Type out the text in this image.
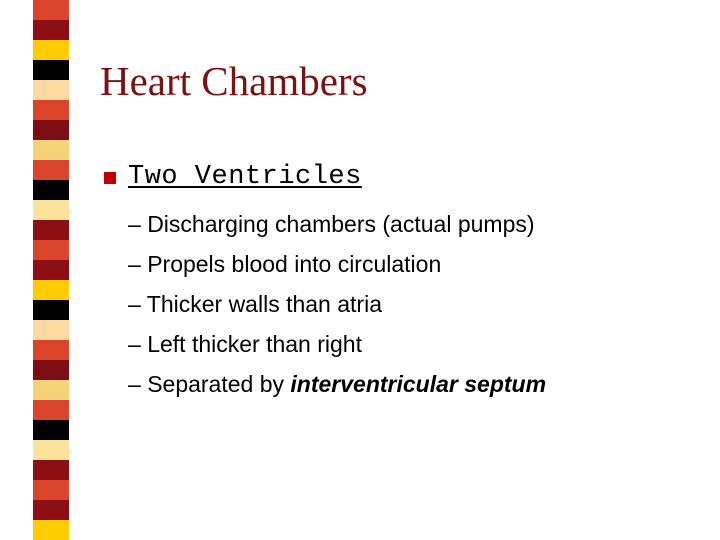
Heart Chambers
Two Ventricles
– Discharging chambers (actual pumps)
– Propels blood into circulation
– Thicker walls than atria
– Left thicker than right
– Separated by interventricular septum
